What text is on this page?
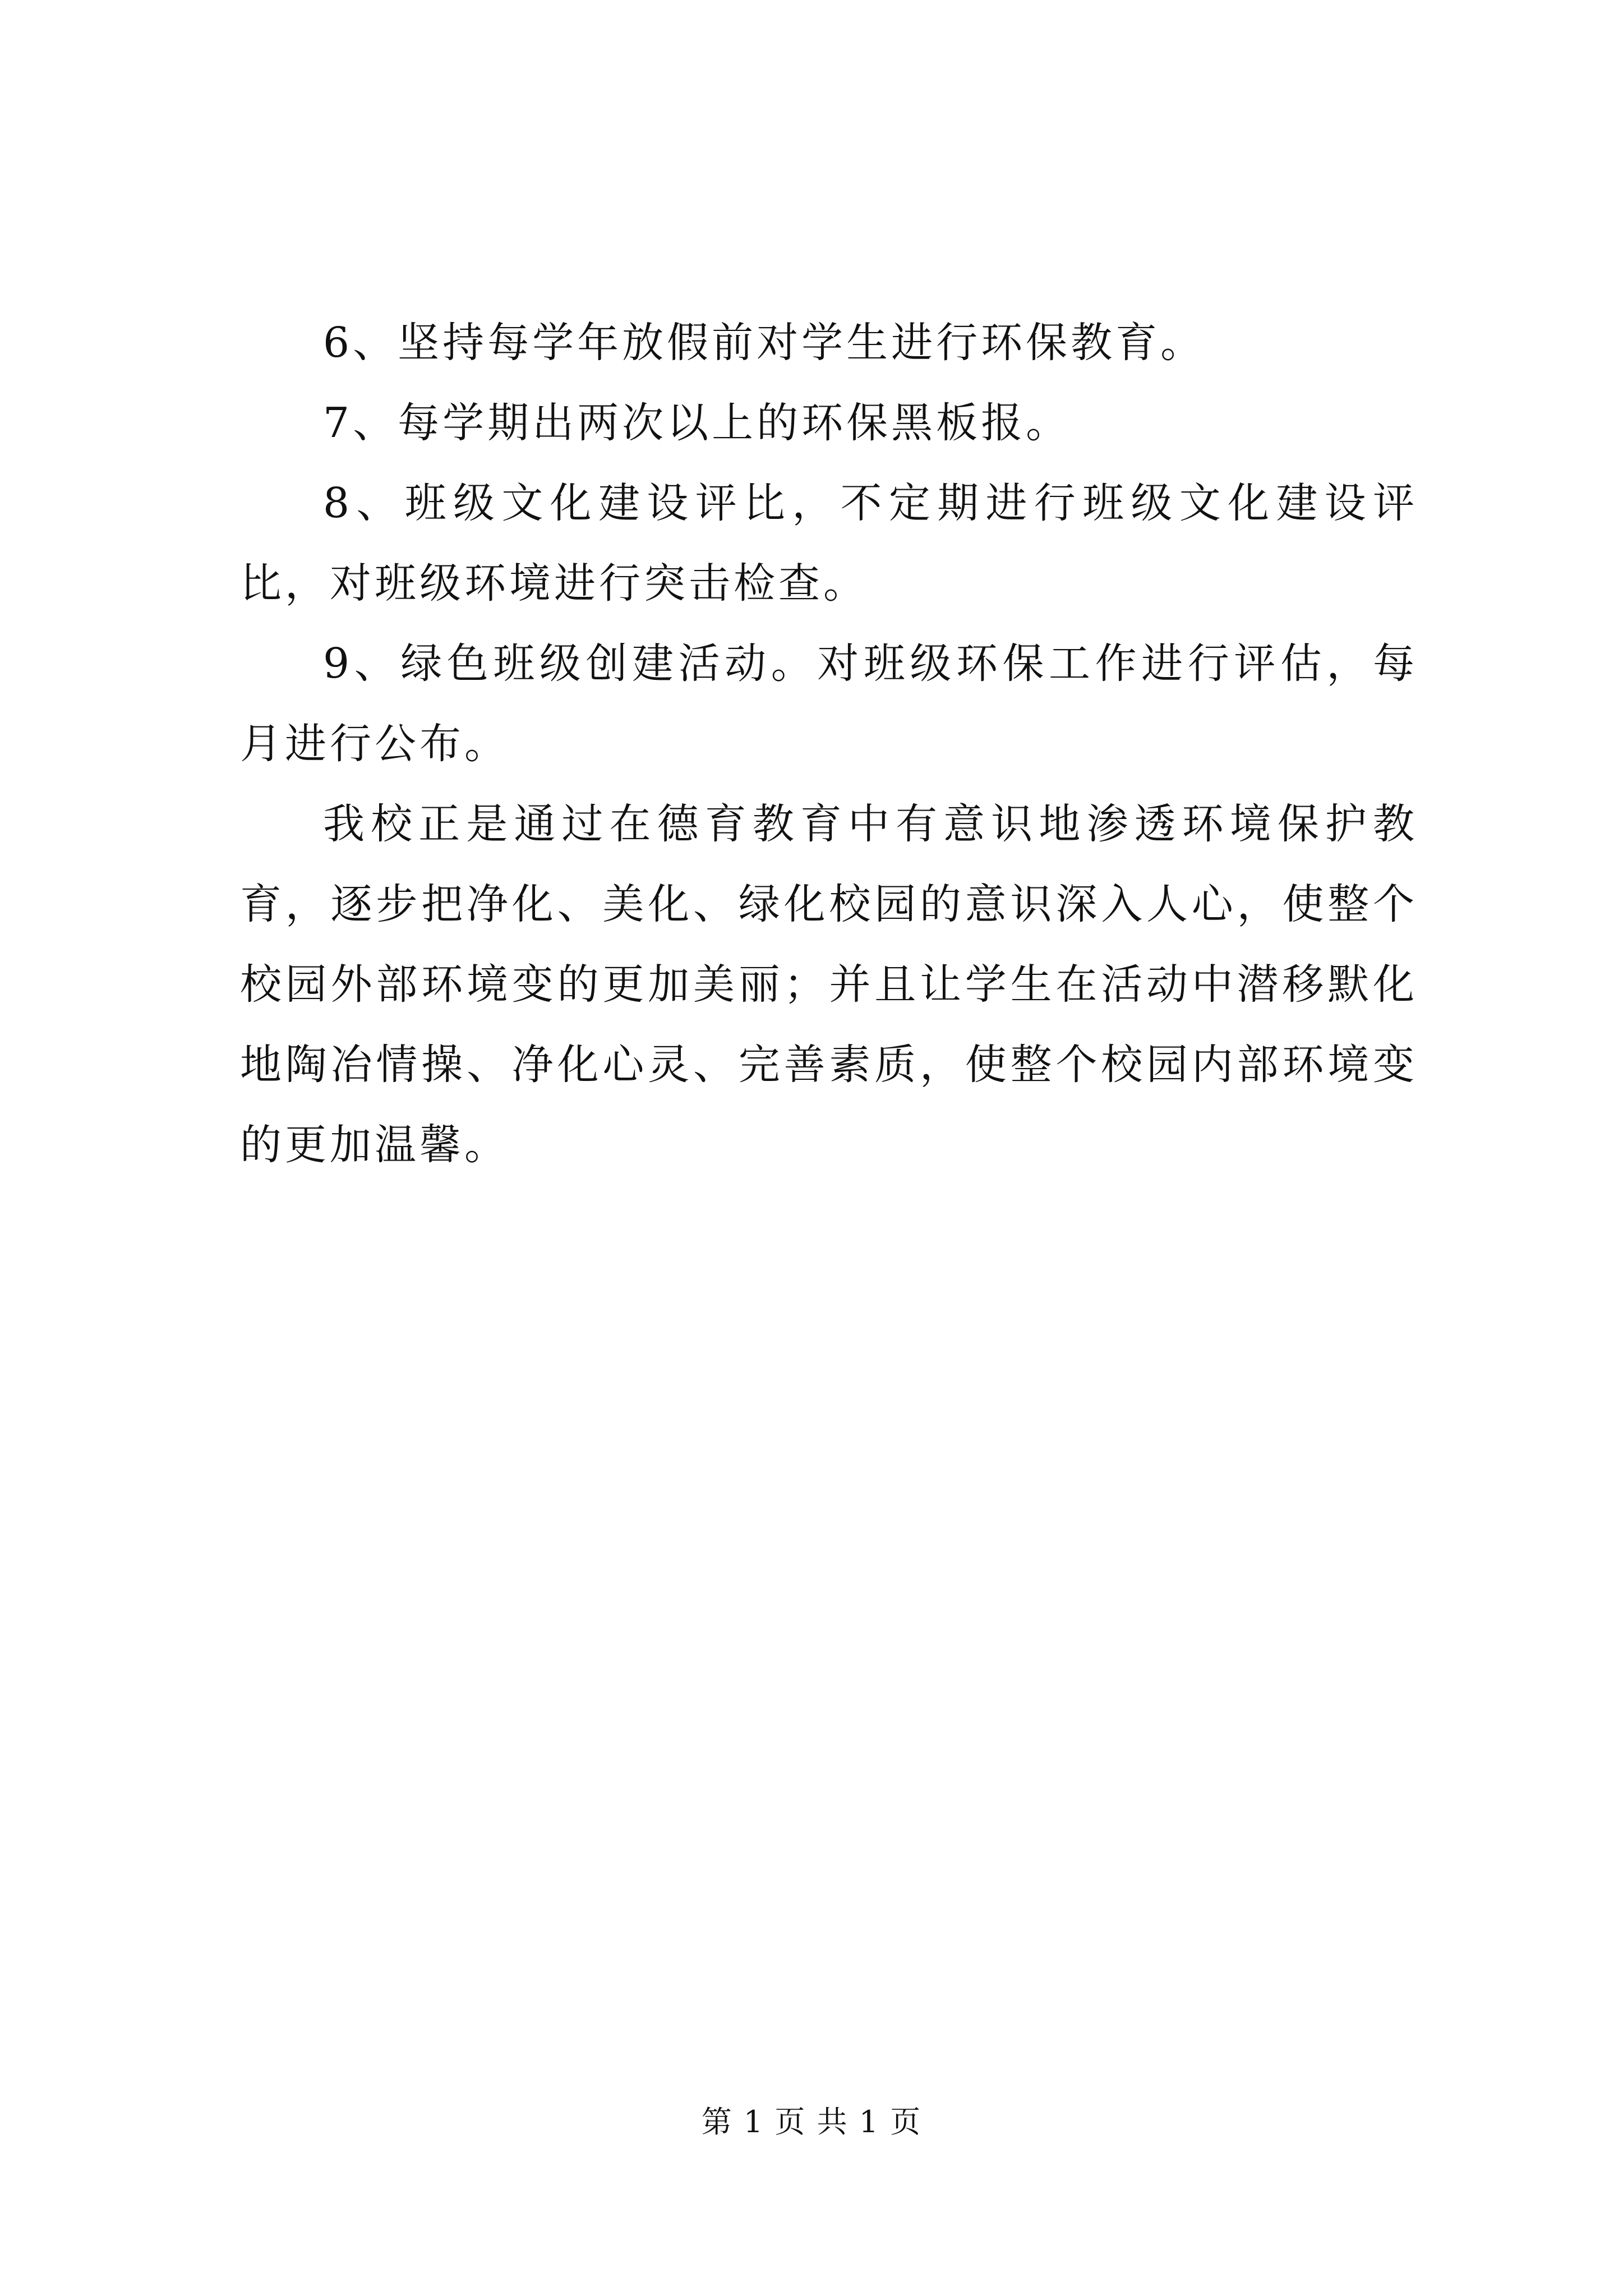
6、坚持每学年放假前对学生进行环保教育。

7、每学期出两次以上的环保黑板报。

8、班级文化建设评比，不定期进行班级文化建设评比，对班级环境进行突击检查。

9、绿色班级创建活动。对班级环保工作进行评估，每月进行公布。

我校正是通过在德育教育中有意识地渗透环境保护教育，逐步把净化、美化、绿化校园的意识深入人心，使整个校园外部环境变的更加美丽；并且让学生在活动中潜移默化地陶冶情操、净化心灵、完善素质，使整个校园内部环境变的更加温馨。

第 1 页 共 1 页
